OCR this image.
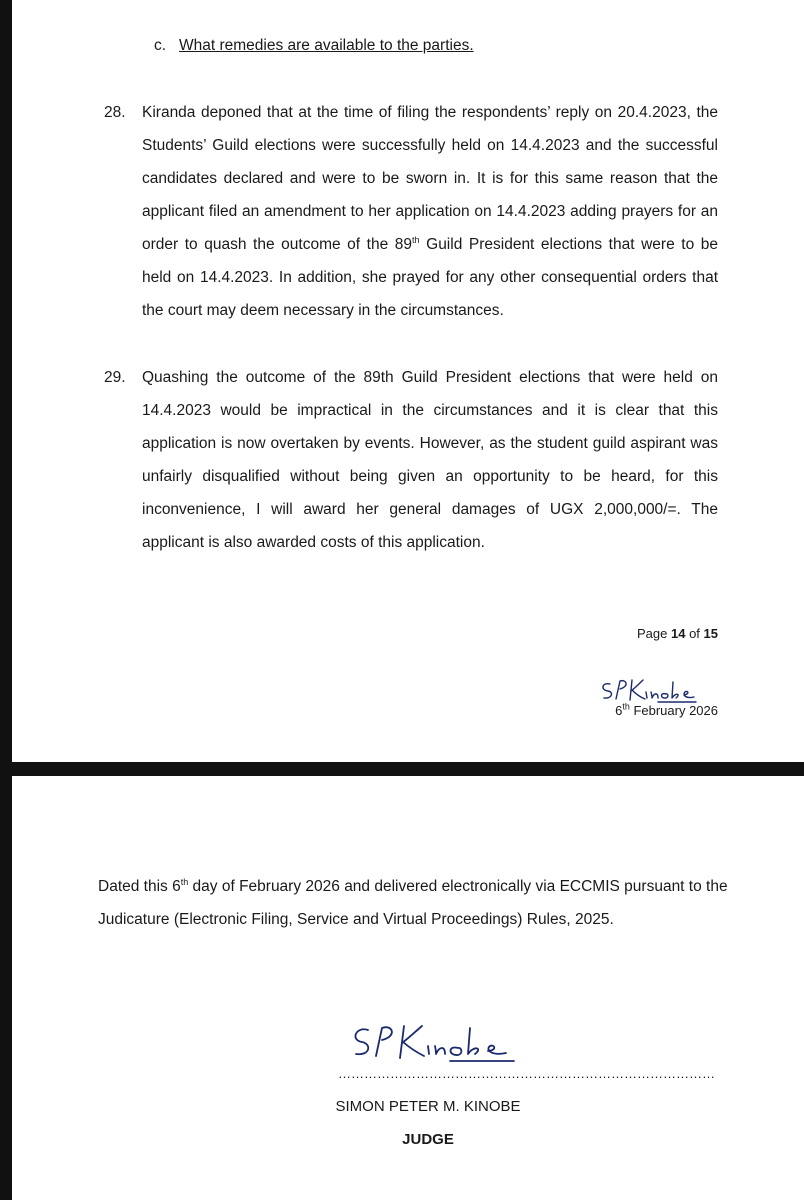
c. What remedies are available to the parties.
28.	Kiranda deponed that at the time of filing the respondents’ reply on 20.4.2023, the Students’ Guild elections were successfully held on 14.4.2023 and the successful candidates declared and were to be sworn in. It is for this same reason that the applicant filed an amendment to her application on 14.4.2023 adding prayers for an order to quash the outcome of the 89th Guild President elections that were to be held on 14.4.2023. In addition, she prayed for any other consequential orders that the court may deem necessary in the circumstances.
29.	Quashing the outcome of the 89th Guild President elections that were held on 14.4.2023 would be impractical in the circumstances and it is clear that this application is now overtaken by events. However, as the student guild aspirant was unfairly disqualified without being given an opportunity to be heard, for this inconvenience, I will award her general damages of UGX 2,000,000/=. The applicant is also awarded costs of this application.
Page 14 of 15
6th February 2026
Dated this 6th day of February 2026 and delivered electronically via ECCMIS pursuant to the Judicature (Electronic Filing, Service and Virtual Proceedings) Rules, 2025.
……………………………………………………………………………
SIMON PETER M. KINOBE
JUDGE
